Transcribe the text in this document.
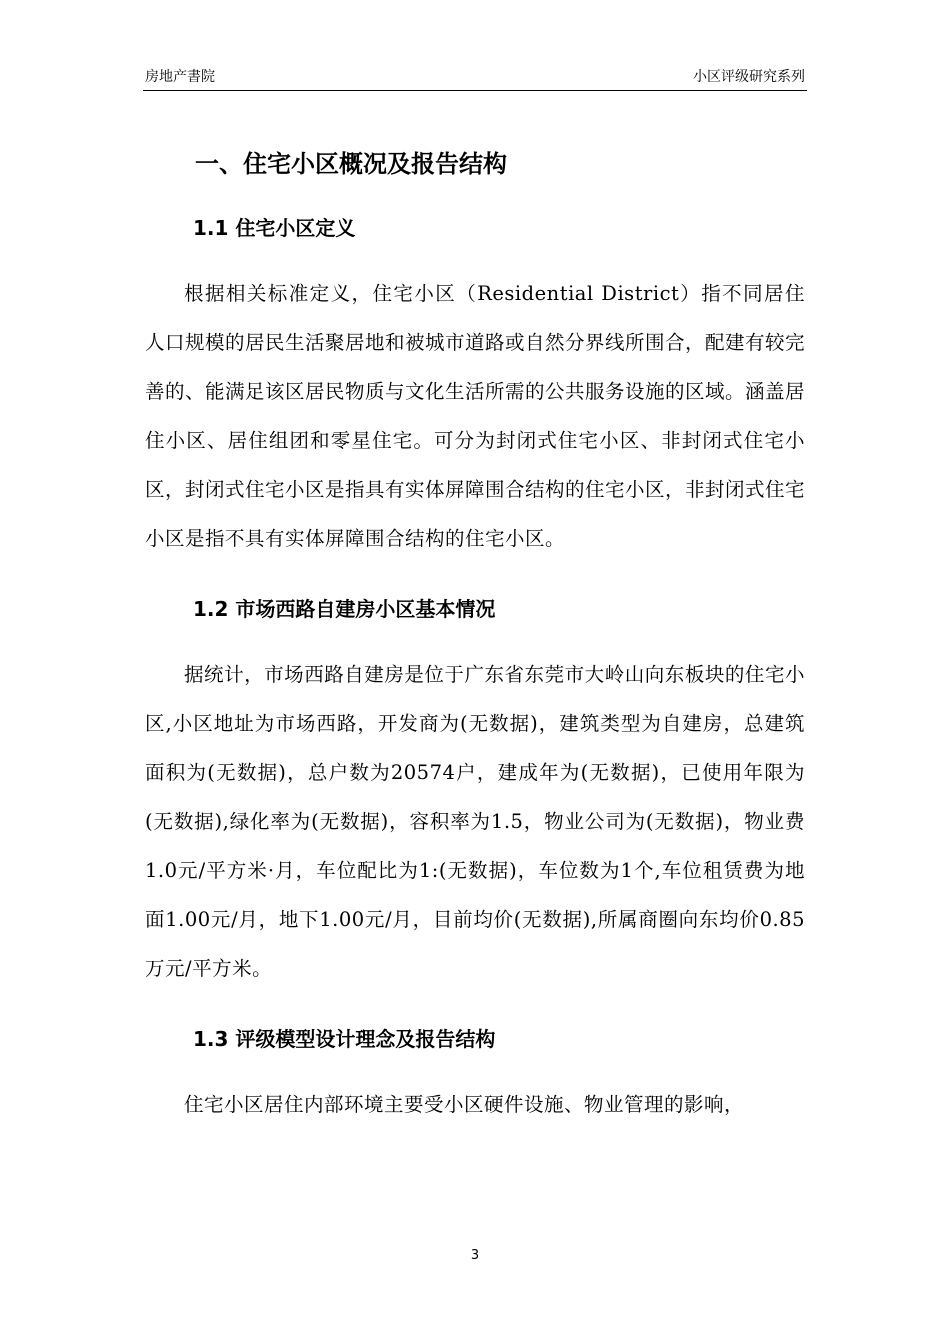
房地产書院	小区评级研究系列
一、住宅小区概况及报告结构
1.1 住宅小区定义

根据相关标准定义，住宅小区（Residential District）指不同居住人口规模的居民生活聚居地和被城市道路或自然分界线所围合，配建有较完善的、能满足该区居民物质与文化生活所需的公共服务设施的区域。涵盖居住小区、居住组团和零星住宅。可分为封闭式住宅小区、非封闭式住宅小区，封闭式住宅小区是指具有实体屏障围合结构的住宅小区，非封闭式住宅小区是指不具有实体屏障围合结构的住宅小区。

1.2 市场西路自建房小区基本情况

据统计，市场西路自建房是位于广东省东莞市大岭山向东板块的住宅小区,小区地址为市场西路，开发商为(无数据)，建筑类型为自建房，总建筑面积为(无数据)，总户数为20574户，建成年为(无数据)，已使用年限为(无数据),绿化率为(无数据)，容积率为1.5，物业公司为(无数据)，物业费1.0元/平方米·月，车位配比为1:(无数据)，车位数为1个,车位租赁费为地面1.00元/月，地下1.00元/月，目前均价(无数据),所属商圈向东均价0.85万元/平方米。

1.3 评级模型设计理念及报告结构

住宅小区居住内部环境主要受小区硬件设施、物业管理的影响，

3
